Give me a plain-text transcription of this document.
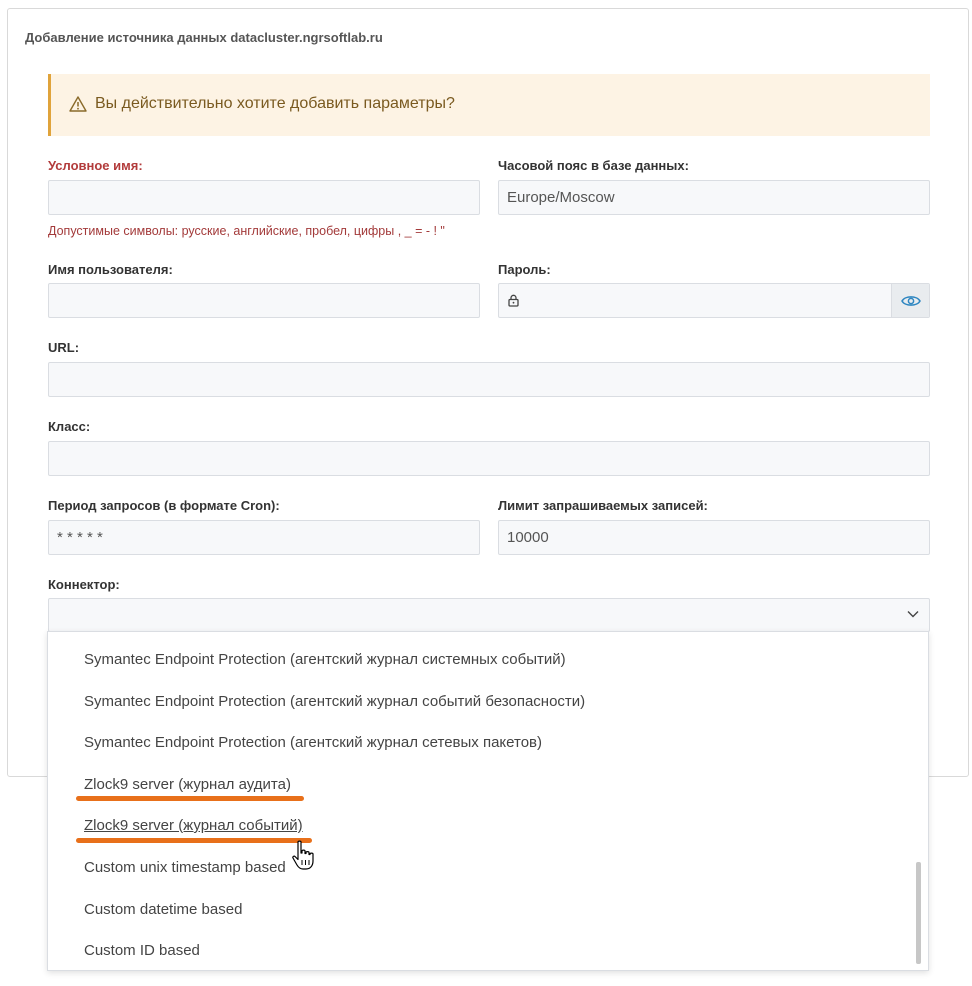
Добавление источника данных datacluster.ngrsoftlab.ru
Вы действительно хотите добавить параметры?
Условное имя:
Допустимые символы: русские, английские, пробел, цифры , _ = - ! "
Часовой пояс в базе данных:
Europe/Moscow
Имя пользователя:	Пароль:
URL:
Класс:
Период запросов (в формате Cron):
* * * * *
Лимит запрашиваемых записей:
10000
Коннектор:
Symantec Endpoint Protection (агентский журнал системных событий)
Symantec Endpoint Protection (агентский журнал событий безопасности)
Symantec Endpoint Protection (агентский журнал сетевых пакетов)
Zlock9 server (журнал аудита)
Zlock9 server (журнал событий)
Custom unix timestamp based
Custom datetime based
Custom ID based
